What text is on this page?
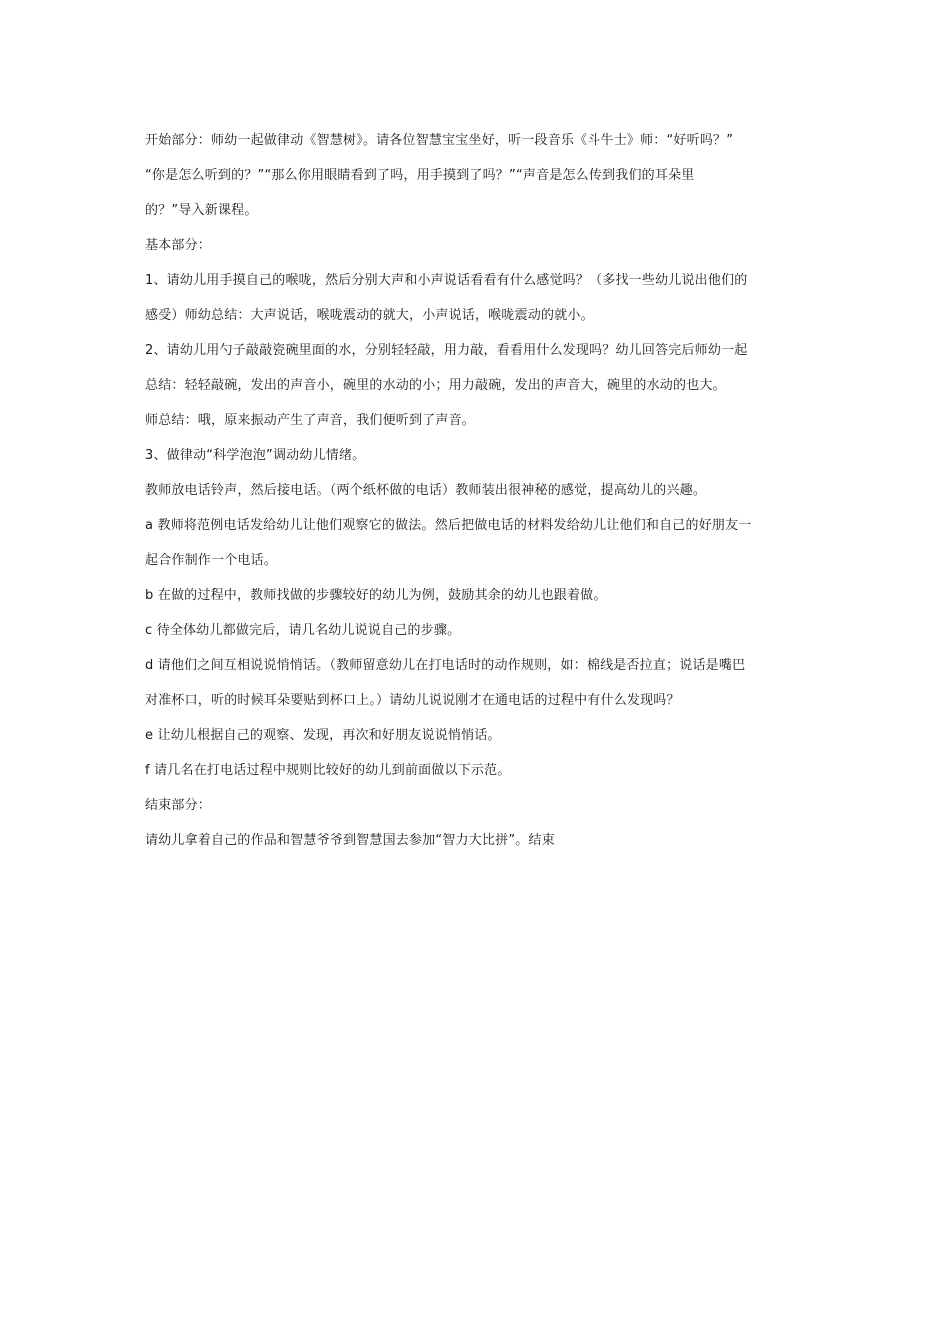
开始部分：师幼一起做律动《智慧树》。请各位智慧宝宝坐好，听一段音乐《斗牛士》师：“好听吗？”

“你是怎么听到的？”“那么你用眼睛看到了吗，用手摸到了吗？”“声音是怎么传到我们的耳朵里

的？”导入新课程。

基本部分：

1、请幼儿用手摸自己的喉咙，然后分别大声和小声说话看看有什么感觉吗？（多找一些幼儿说出他们的

感受）师幼总结：大声说话，喉咙震动的就大，小声说话，喉咙震动的就小。

2、请幼儿用勺子敲敲瓷碗里面的水，分别轻轻敲，用力敲，看看用什么发现吗？幼儿回答完后师幼一起

总结：轻轻敲碗，发出的声音小，碗里的水动的小；用力敲碗，发出的声音大，碗里的水动的也大。

师总结：哦，原来振动产生了声音，我们便听到了声音。

3、做律动“科学泡泡”调动幼儿情绪。

教师放电话铃声，然后接电话。（两个纸杯做的电话）教师装出很神秘的感觉，提高幼儿的兴趣。

a 教师将范例电话发给幼儿让他们观察它的做法。然后把做电话的材料发给幼儿让他们和自己的好朋友一

起合作制作一个电话。

b 在做的过程中，教师找做的步骤较好的幼儿为例，鼓励其余的幼儿也跟着做。

c 待全体幼儿都做完后，请几名幼儿说说自己的步骤。

d 请他们之间互相说说悄悄话。（教师留意幼儿在打电话时的动作规则，如：棉线是否拉直；说话是嘴巴

对准杯口，听的时候耳朵要贴到杯口上。）请幼儿说说刚才在通电话的过程中有什么发现吗？

e 让幼儿根据自己的观察、发现，再次和好朋友说说悄悄话。

f 请几名在打电话过程中规则比较好的幼儿到前面做以下示范。

结束部分：

请幼儿拿着自己的作品和智慧爷爷到智慧国去参加“智力大比拼”。结束
